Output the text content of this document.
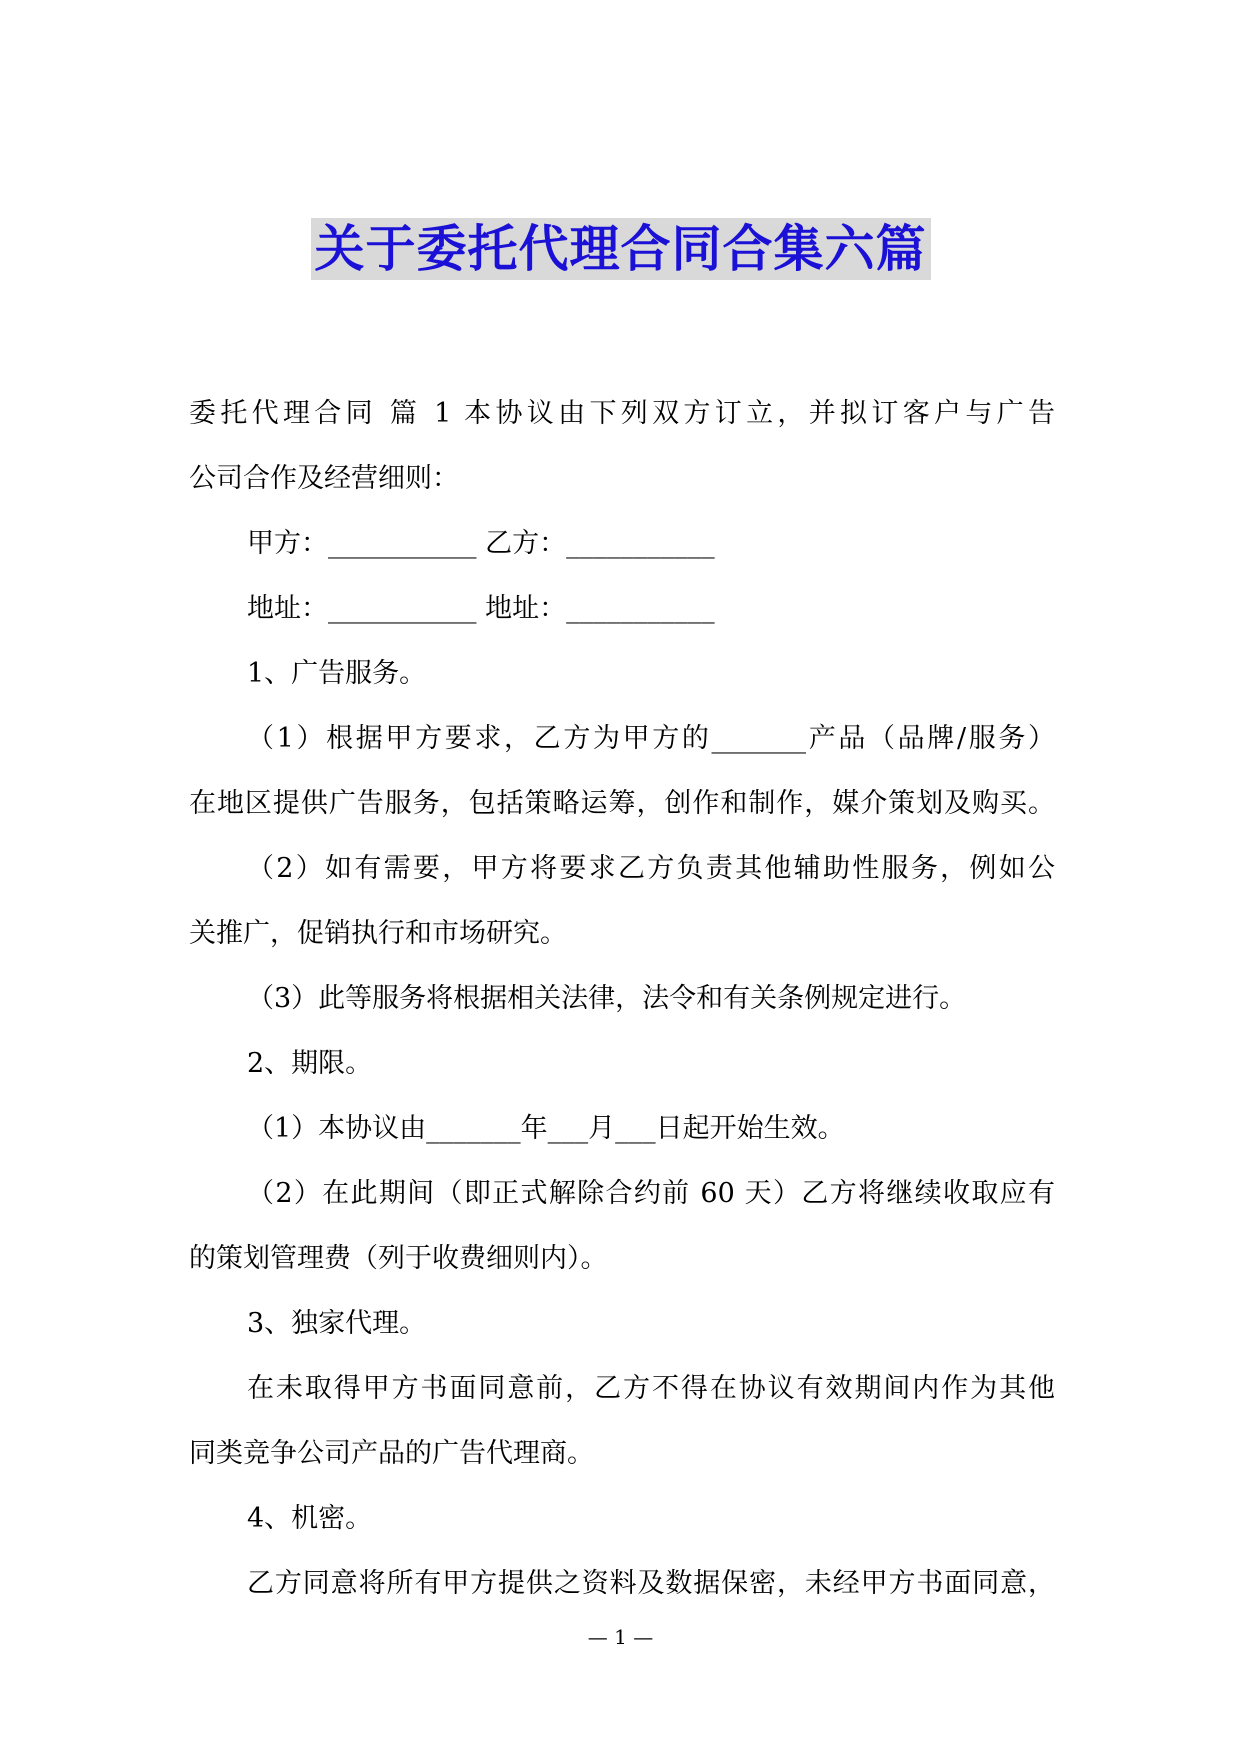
关于委托代理合同合集六篇
委托代理合同 篇 1 本协议由下列双方订立，并拟订客户与广告
公司合作及经营细则：
甲方：___________ 乙方：___________
地址：___________ 地址：___________
1、广告服务。
（1）根据甲方要求，乙方为甲方的_______产品（品牌/服务）
在地区提供广告服务，包括策略运筹，创作和制作，媒介策划及购买。
（2）如有需要，甲方将要求乙方负责其他辅助性服务，例如公
关推广，促销执行和市场研究。
（3）此等服务将根据相关法律，法令和有关条例规定进行。
2、期限。
（1）本协议由_______年___月___日起开始生效。
（2）在此期间（即正式解除合约前 60 天）乙方将继续收取应有
的策划管理费（列于收费细则内）。
3、独家代理。
在未取得甲方书面同意前，乙方不得在协议有效期间内作为其他
同类竞争公司产品的广告代理商。
4、机密。
乙方同意将所有甲方提供之资料及数据保密，未经甲方书面同意，
— 1 —
